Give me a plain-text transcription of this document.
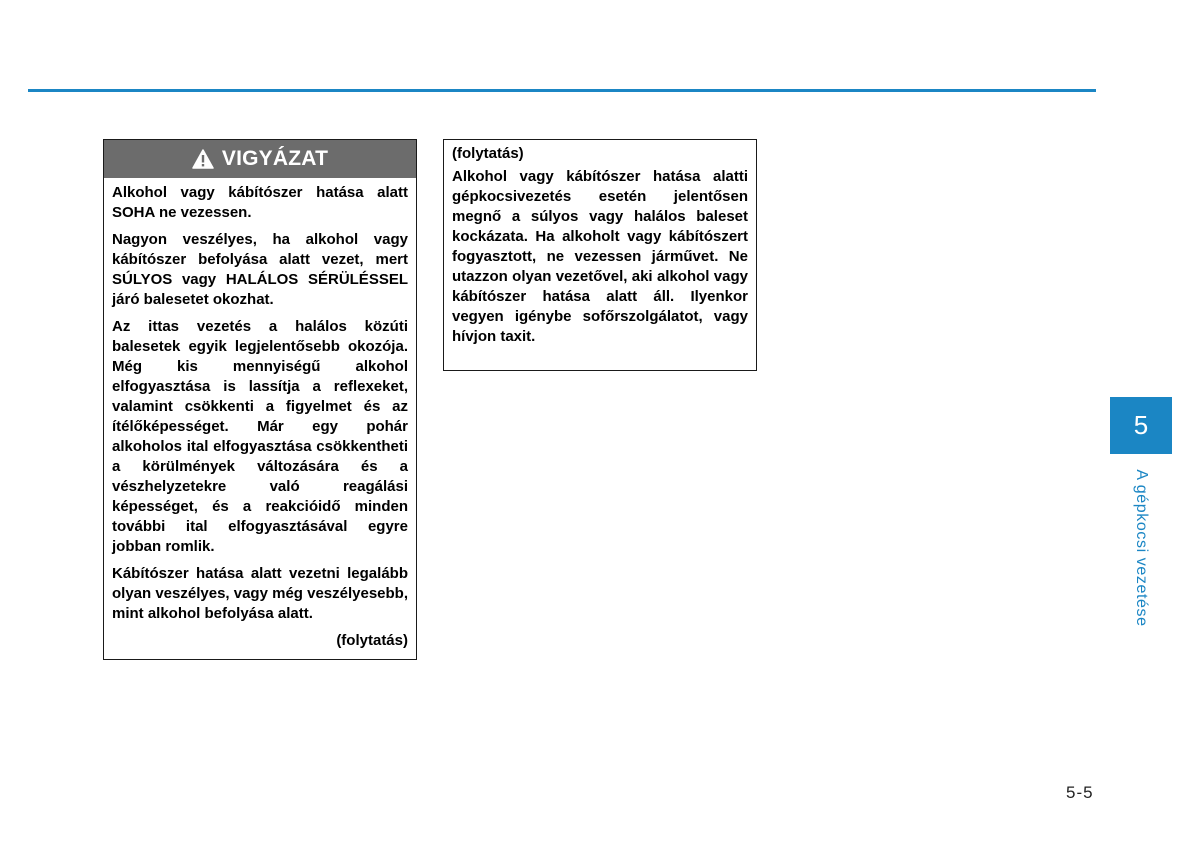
VIGYÁZAT

Alkohol vagy kábítószer hatása alatt SOHA ne vezessen.

Nagyon veszélyes, ha alkohol vagy kábítószer befolyása alatt vezet, mert SÚLYOS vagy HALÁLOS SÉRÜLÉSSEL járó balesetet okozhat.

Az ittas vezetés a halálos közúti balesetek egyik legjelentősebb okozója. Még kis mennyiségű alkohol elfogyasztása is lassítja a reflexeket, valamint csökkenti a figyelmet és az ítélőképességet. Már egy pohár alkoholos ital elfogyasztása csökkentheti a körülmények változására és a vészhelyzetekre való reagálási képességet, és a reakcióidő minden további ital elfogyasztásával egyre jobban romlik.

Kábítószer hatása alatt vezetni legalább olyan veszélyes, vagy még veszélyesebb, mint alkohol befolyása alatt.

(folytatás)

(folytatás)

Alkohol vagy kábítószer hatása alatti gépkocsivezetés esetén jelentősen megnő a súlyos vagy halálos baleset kockázata. Ha alkoholt vagy kábítószert fogyasztott, ne vezessen járművet. Ne utazzon olyan vezetővel, aki alkohol vagy kábítószer hatása alatt áll. Ilyenkor vegyen igénybe sofőrszolgálatot, vagy hívjon taxit.

5
A gépkocsi vezetése
5-5
